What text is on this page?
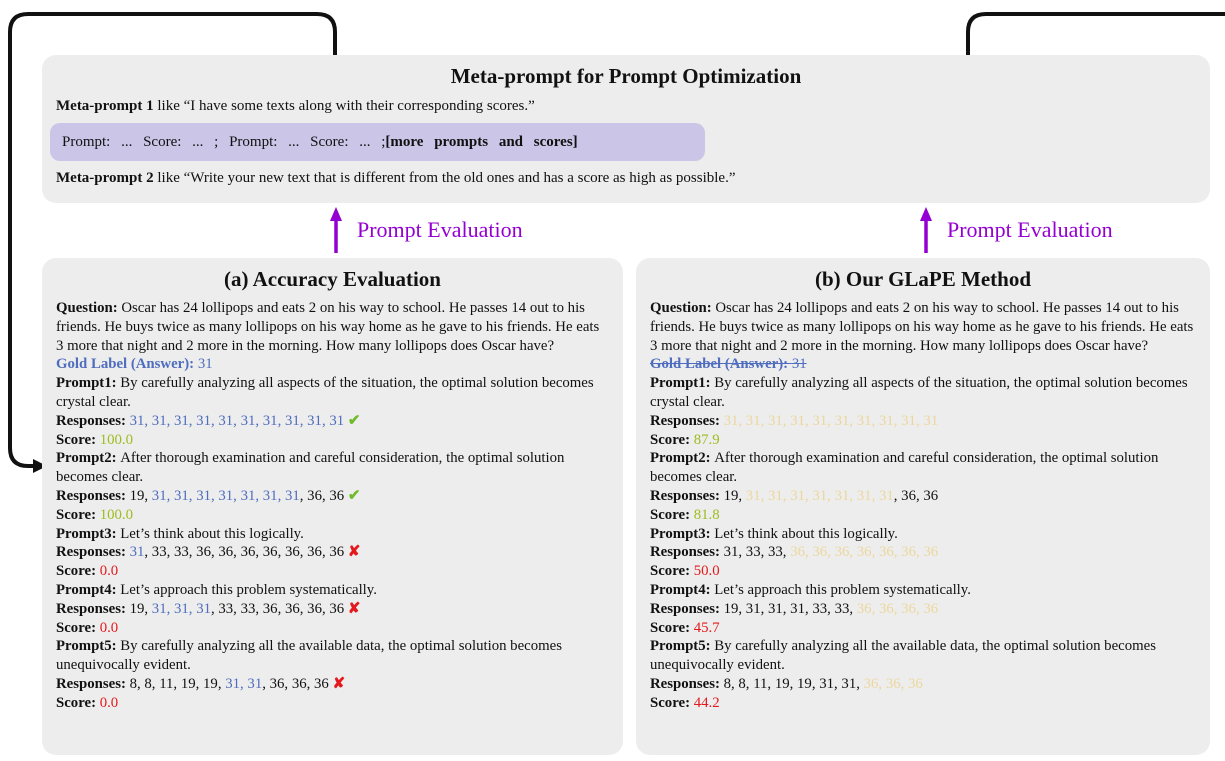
Meta-prompt for Prompt Optimization
Meta-prompt 1 like “I have some texts along with their corresponding scores.”
Prompt: ... Score: ... ; Prompt: ... Score: ... ; [more prompts and scores]
Meta-prompt 2 like “Write your new text that is different from the old ones and has a score as high as possible.”
Prompt Evaluation	Prompt Evaluation
(a) Accuracy Evaluation
Question: Oscar has 24 lollipops and eats 2 on his way to school. He passes 14 out to his friends. He buys twice as many lollipops on his way home as he gave to his friends. He eats 3 more that night and 2 more in the morning. How many lollipops does Oscar have?
Gold Label (Answer): 31
Prompt1: By carefully analyzing all aspects of the situation, the optimal solution becomes crystal clear.
Responses: 31, 31, 31, 31, 31, 31, 31, 31, 31, 31 ✔
Score: 100.0
Prompt2: After thorough examination and careful consideration, the optimal solution becomes clear.
Responses: 19, 31, 31, 31, 31, 31, 31, 31, 36, 36 ✔
Score: 100.0
Prompt3: Let’s think about this logically.
Responses: 31, 33, 33, 36, 36, 36, 36, 36, 36, 36 ✘
Score: 0.0
Prompt4: Let’s approach this problem systematically.
Responses: 19, 31, 31, 31, 33, 33, 36, 36, 36, 36 ✘
Score: 0.0
Prompt5: By carefully analyzing all the available data, the optimal solution becomes unequivocally evident.
Responses: 8, 8, 11, 19, 19, 31, 31, 36, 36, 36 ✘
Score: 0.0
(b) Our GLaPE Method
Question: Oscar has 24 lollipops and eats 2 on his way to school. He passes 14 out to his friends. He buys twice as many lollipops on his way home as he gave to his friends. He eats 3 more that night and 2 more in the morning. How many lollipops does Oscar have?
Gold Label (Answer): 31
Prompt1: By carefully analyzing all aspects of the situation, the optimal solution becomes crystal clear.
Responses: 31, 31, 31, 31, 31, 31, 31, 31, 31, 31
Score: 87.9
Prompt2: After thorough examination and careful consideration, the optimal solution becomes clear.
Responses: 19, 31, 31, 31, 31, 31, 31, 31, 36, 36
Score: 81.8
Prompt3: Let’s think about this logically.
Responses: 31, 33, 33, 36, 36, 36, 36, 36, 36, 36
Score: 50.0
Prompt4: Let’s approach this problem systematically.
Responses: 19, 31, 31, 31, 33, 33, 36, 36, 36, 36
Score: 45.7
Prompt5: By carefully analyzing all the available data, the optimal solution becomes unequivocally evident.
Responses: 8, 8, 11, 19, 19, 31, 31, 36, 36, 36
Score: 44.2
